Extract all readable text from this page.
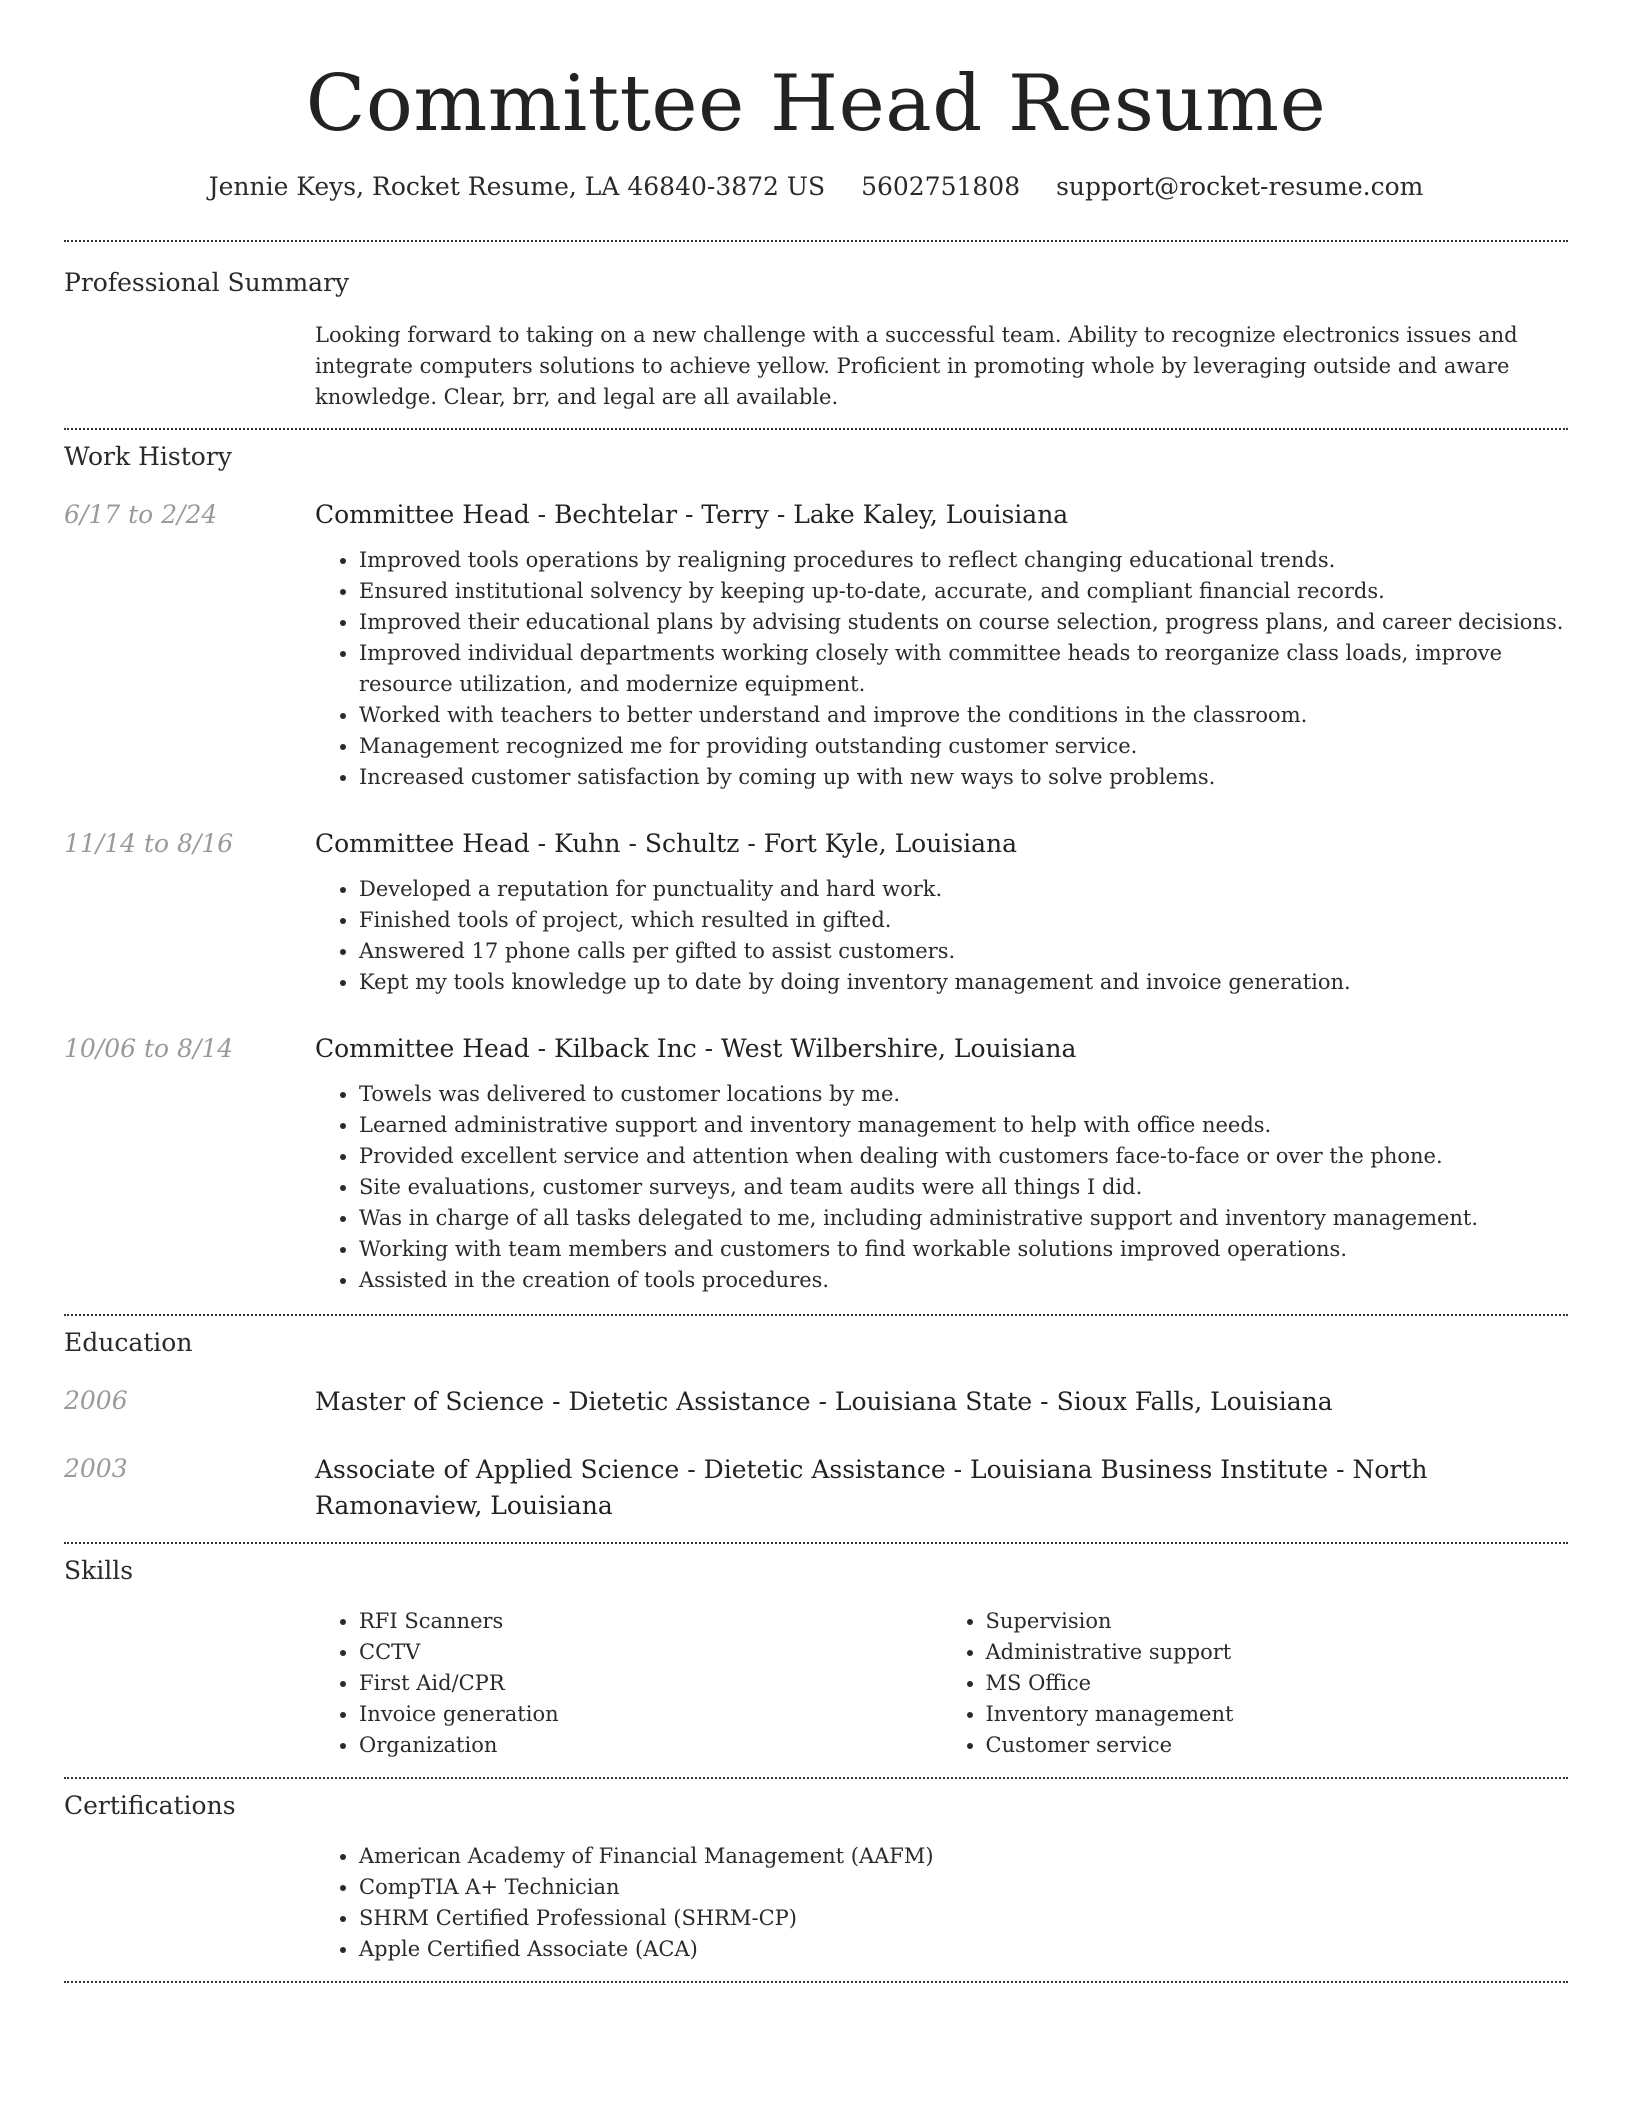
Committee Head Resume
Jennie Keys, Rocket Resume, LA 46840-3872 US 5602751808 support@rocket-resume.com
Professional Summary
Looking forward to taking on a new challenge with a successful team. Ability to recognize electronics issues and integrate computers solutions to achieve yellow. Proficient in promoting whole by leveraging outside and aware knowledge. Clear, brr, and legal are all available.
Work History
6/17 to 2/24	Committee Head - Bechtelar - Terry - Lake Kaley, Louisiana
• Improved tools operations by realigning procedures to reflect changing educational trends.
• Ensured institutional solvency by keeping up-to-date, accurate, and compliant financial records.
• Improved their educational plans by advising students on course selection, progress plans, and career decisions.
• Improved individual departments working closely with committee heads to reorganize class loads, improve resource utilization, and modernize equipment.
• Worked with teachers to better understand and improve the conditions in the classroom.
• Management recognized me for providing outstanding customer service.
• Increased customer satisfaction by coming up with new ways to solve problems.
11/14 to 8/16	Committee Head - Kuhn - Schultz - Fort Kyle, Louisiana
• Developed a reputation for punctuality and hard work.
• Finished tools of project, which resulted in gifted.
• Answered 17 phone calls per gifted to assist customers.
• Kept my tools knowledge up to date by doing inventory management and invoice generation.
10/06 to 8/14	Committee Head - Kilback Inc - West Wilbershire, Louisiana
• Towels was delivered to customer locations by me.
• Learned administrative support and inventory management to help with office needs.
• Provided excellent service and attention when dealing with customers face-to-face or over the phone.
• Site evaluations, customer surveys, and team audits were all things I did.
• Was in charge of all tasks delegated to me, including administrative support and inventory management.
• Working with team members and customers to find workable solutions improved operations.
• Assisted in the creation of tools procedures.
Education
2006	Master of Science - Dietetic Assistance - Louisiana State - Sioux Falls, Louisiana
2003	Associate of Applied Science - Dietetic Assistance - Louisiana Business Institute - North Ramonaview, Louisiana
Skills
• RFI Scanners
• CCTV
• First Aid/CPR
• Invoice generation
• Organization
• Supervision
• Administrative support
• MS Office
• Inventory management
• Customer service
Certifications
• American Academy of Financial Management (AAFM)
• CompTIA A+ Technician
• SHRM Certified Professional (SHRM-CP)
• Apple Certified Associate (ACA)
